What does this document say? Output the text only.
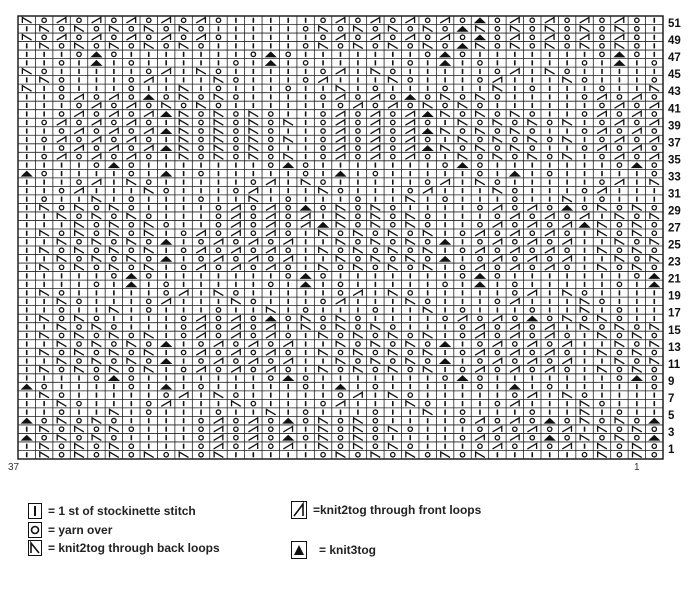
51
49
47
45
43
41
39
37
35
33
31
29
27
25
23
21
19
17
15
13
11
9
7
5
3
1
37	1
= 1 st of stockinette stitch
= yarn over
= knit2tog through back loops
=knit2tog through front loops
= knit3tog
